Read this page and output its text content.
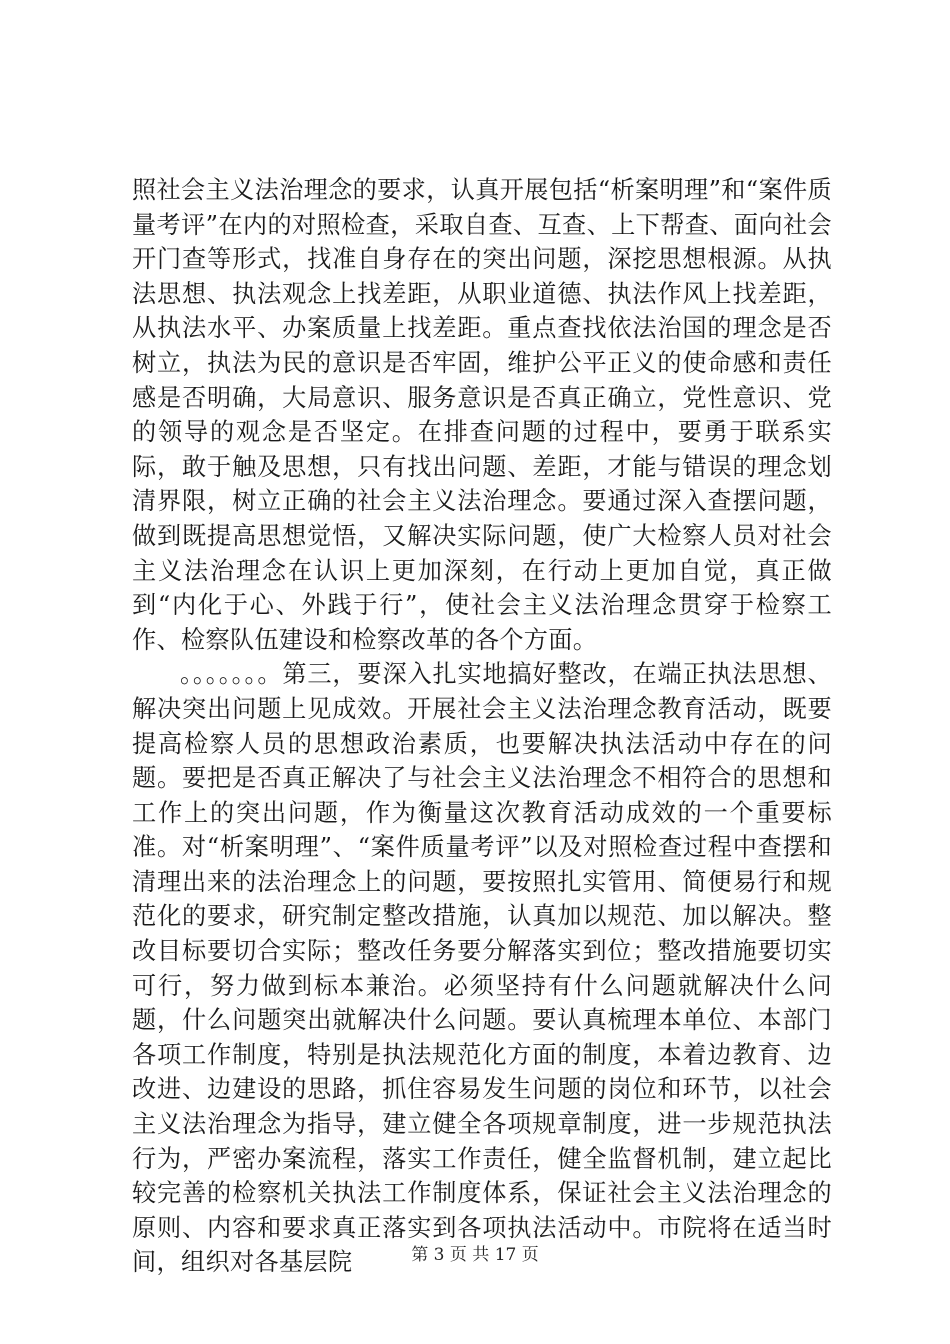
照社会主义法治理念的要求，认真开展包括“析案明理”和“案件质量考评”在内的对照检查，采取自查、互查、上下帮查、面向社会开门查等形式，找准自身存在的突出问题，深挖思想根源。从执法思想、执法观念上找差距，从职业道德、执法作风上找差距，从执法水平、办案质量上找差距。重点查找依法治国的理念是否树立，执法为民的意识是否牢固，维护公平正义的使命感和责任感是否明确，大局意识、服务意识是否真正确立，党性意识、党的领导的观念是否坚定。在排查问题的过程中，要勇于联系实际，敢于触及思想，只有找出问题、差距，才能与错误的理念划清界限，树立正确的社会主义法治理念。要通过深入查摆问题，做到既提高思想觉悟，又解决实际问题，使广大检察人员对社会主义法治理念在认识上更加深刻，在行动上更加自觉，真正做到“内化于心、外践于行”，使社会主义法治理念贯穿于检察工作、检察队伍建设和检察改革的各个方面。

。。。。。。。第三，要深入扎实地搞好整改，在端正执法思想、解决突出问题上见成效。开展社会主义法治理念教育活动，既要提高检察人员的思想政治素质，也要解决执法活动中存在的问题。要把是否真正解决了与社会主义法治理念不相符合的思想和工作上的突出问题，作为衡量这次教育活动成效的一个重要标准。对“析案明理”、“案件质量考评”以及对照检查过程中查摆和清理出来的法治理念上的问题，要按照扎实管用、简便易行和规范化的要求，研究制定整改措施，认真加以规范、加以解决。整改目标要切合实际；整改任务要分解落实到位；整改措施要切实可行，努力做到标本兼治。必须坚持有什么问题就解决什么问题，什么问题突出就解决什么问题。要认真梳理本单位、本部门各项工作制度，特别是执法规范化方面的制度，本着边教育、边改进、边建设的思路，抓住容易发生问题的岗位和环节，以社会主义法治理念为指导，建立健全各项规章制度，进一步规范执法行为，严密办案流程，落实工作责任，健全监督机制，建立起比较完善的检察机关执法工作制度体系，保证社会主义法治理念的原则、内容和要求真正落实到各项执法活动中。市院将在适当时间，组织对各基层院	第 3 页 共 17 页
